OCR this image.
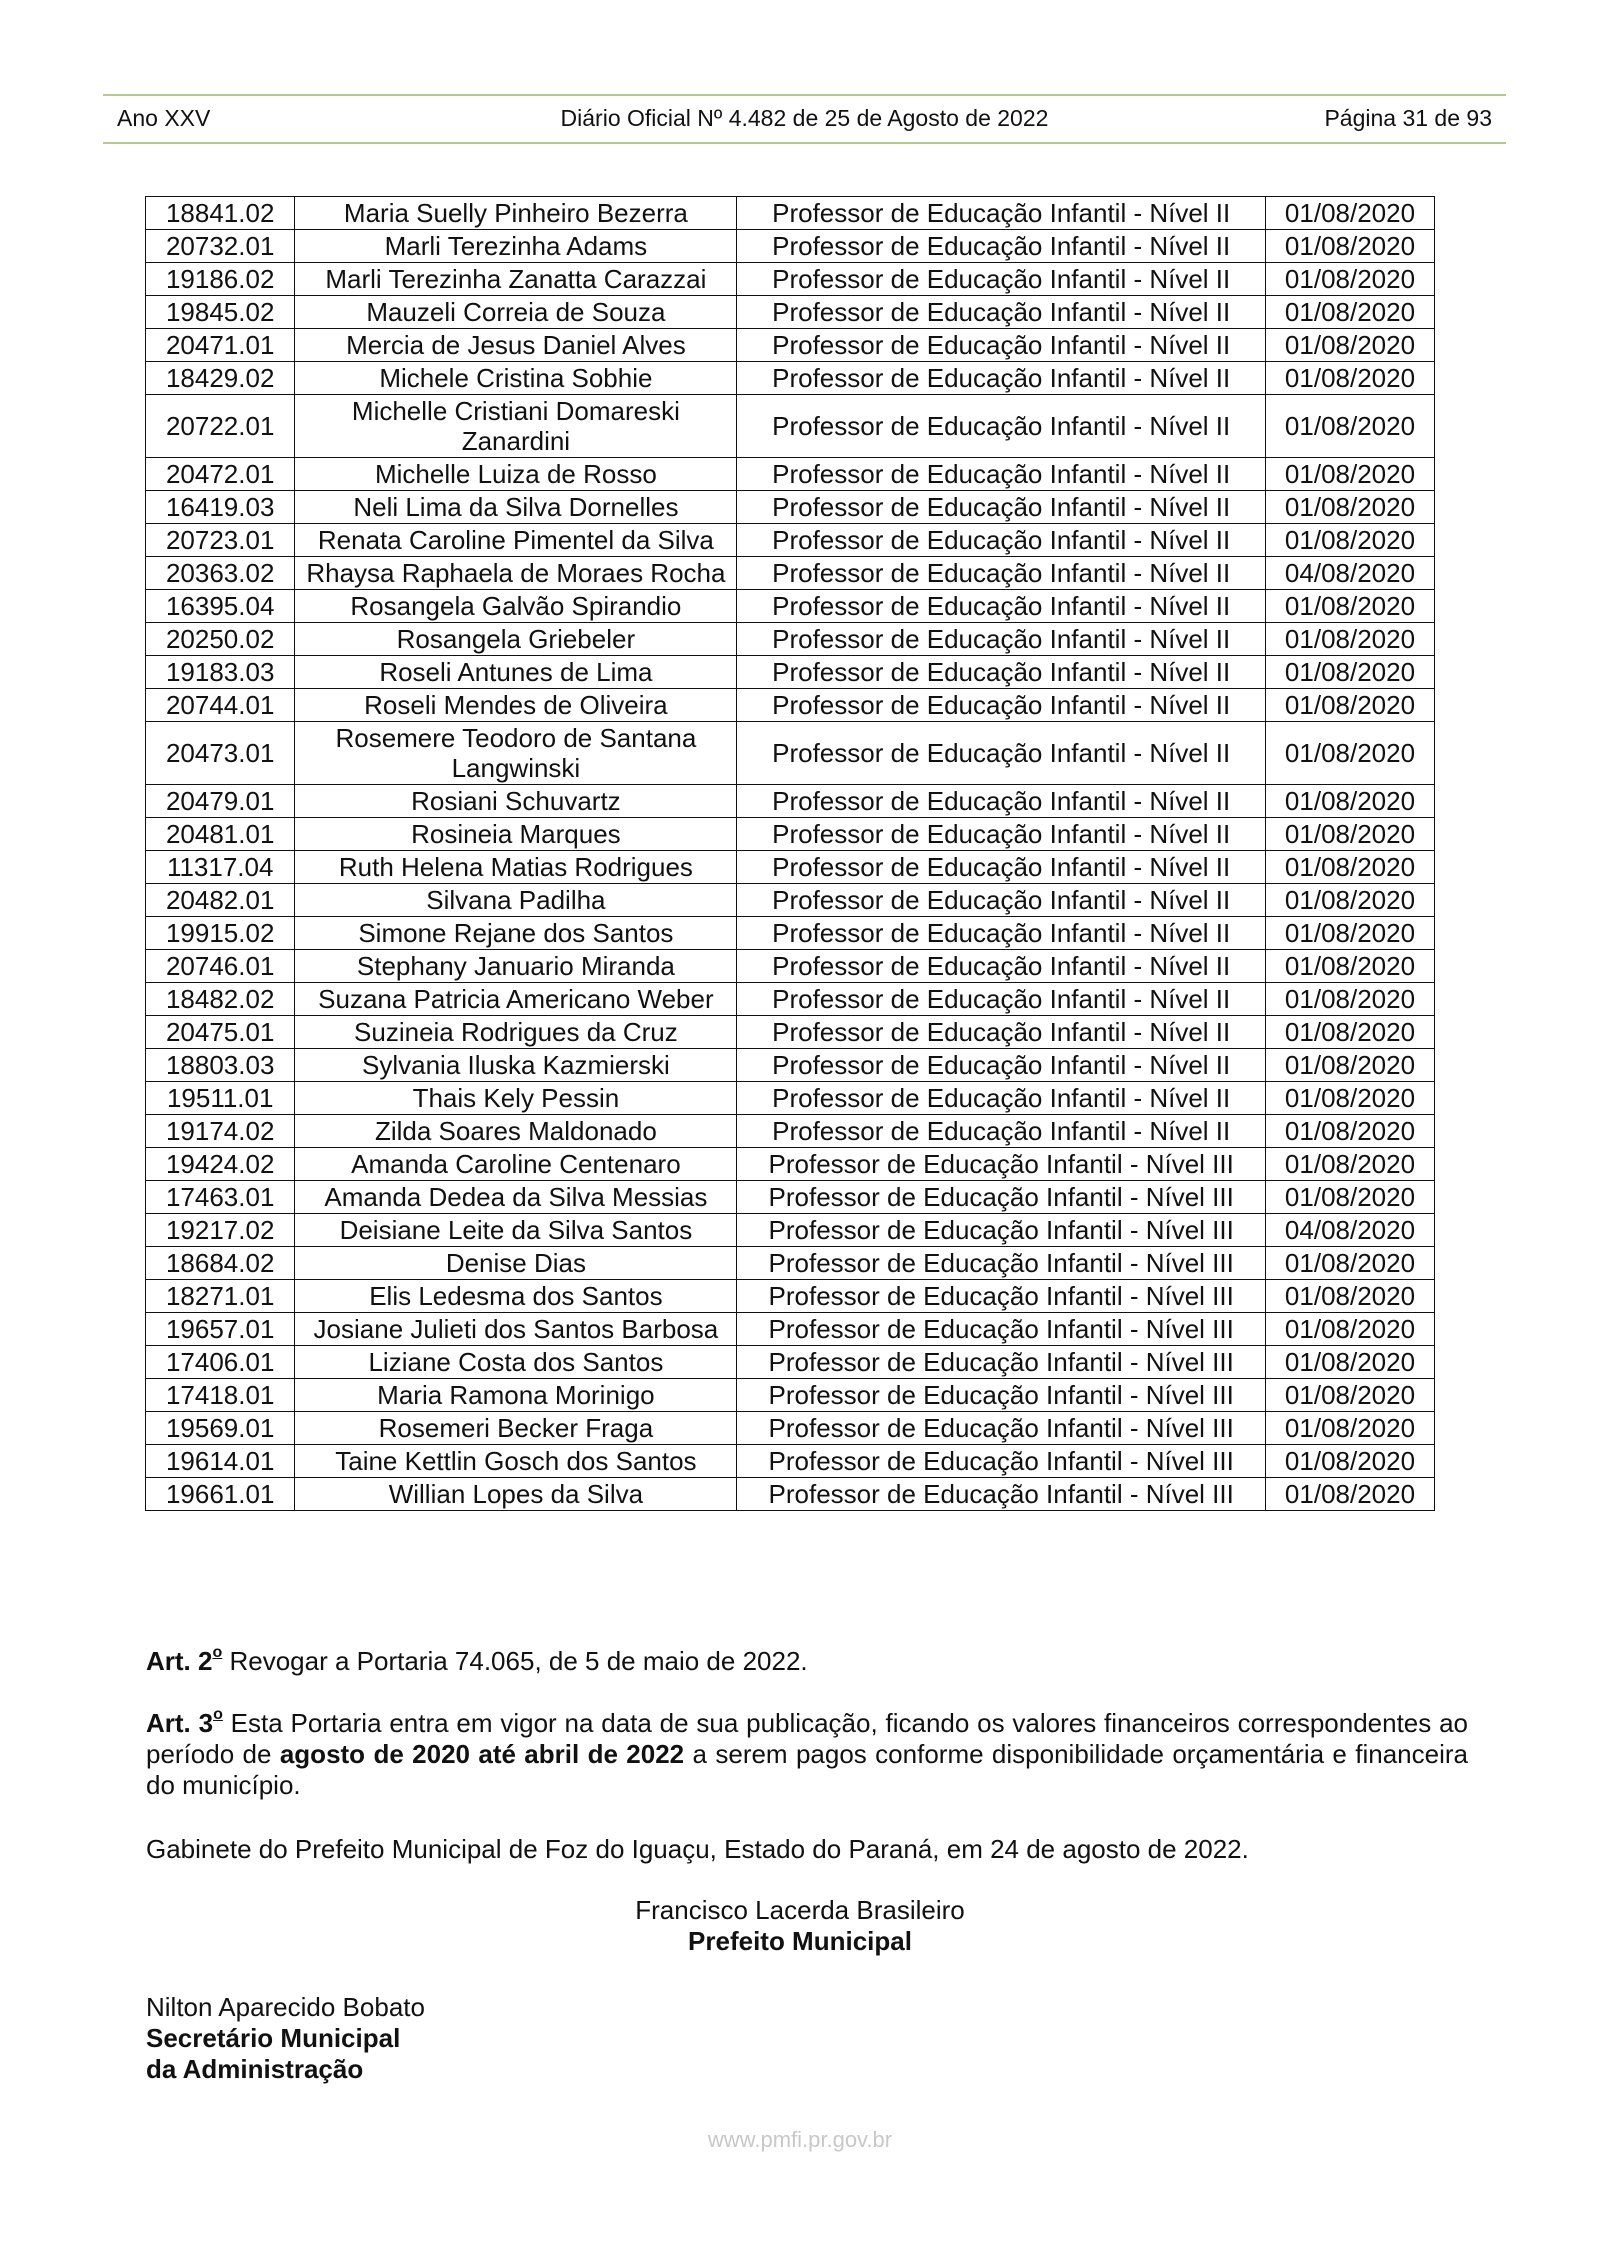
Ano XXV	Diário Oficial Nº 4.482 de 25 de Agosto de 2022	Página 31 de 93
18841.02	Maria Suelly Pinheiro Bezerra	Professor de Educação Infantil - Nível II	01/08/2020
20732.01	Marli Terezinha Adams	Professor de Educação Infantil - Nível II	01/08/2020
19186.02	Marli Terezinha Zanatta Carazzai	Professor de Educação Infantil - Nível II	01/08/2020
19845.02	Mauzeli Correia de Souza	Professor de Educação Infantil - Nível II	01/08/2020
20471.01	Mercia de Jesus Daniel Alves	Professor de Educação Infantil - Nível II	01/08/2020
18429.02	Michele Cristina Sobhie	Professor de Educação Infantil - Nível II	01/08/2020
20722.01	Michelle Cristiani Domareski Zanardini	Professor de Educação Infantil - Nível II	01/08/2020
20472.01	Michelle Luiza de Rosso	Professor de Educação Infantil - Nível II	01/08/2020
16419.03	Neli Lima da Silva Dornelles	Professor de Educação Infantil - Nível II	01/08/2020
20723.01	Renata Caroline Pimentel da Silva	Professor de Educação Infantil - Nível II	01/08/2020
20363.02	Rhaysa Raphaela de Moraes Rocha	Professor de Educação Infantil - Nível II	04/08/2020
16395.04	Rosangela Galvão Spirandio	Professor de Educação Infantil - Nível II	01/08/2020
20250.02	Rosangela Griebeler	Professor de Educação Infantil - Nível II	01/08/2020
19183.03	Roseli Antunes de Lima	Professor de Educação Infantil - Nível II	01/08/2020
20744.01	Roseli Mendes de Oliveira	Professor de Educação Infantil - Nível II	01/08/2020
20473.01	Rosemere Teodoro de Santana Langwinski	Professor de Educação Infantil - Nível II	01/08/2020
20479.01	Rosiani Schuvartz	Professor de Educação Infantil - Nível II	01/08/2020
20481.01	Rosineia Marques	Professor de Educação Infantil - Nível II	01/08/2020
11317.04	Ruth Helena Matias Rodrigues	Professor de Educação Infantil - Nível II	01/08/2020
20482.01	Silvana Padilha	Professor de Educação Infantil - Nível II	01/08/2020
19915.02	Simone Rejane dos Santos	Professor de Educação Infantil - Nível II	01/08/2020
20746.01	Stephany Januario Miranda	Professor de Educação Infantil - Nível II	01/08/2020
18482.02	Suzana Patricia Americano Weber	Professor de Educação Infantil - Nível II	01/08/2020
20475.01	Suzineia Rodrigues da Cruz	Professor de Educação Infantil - Nível II	01/08/2020
18803.03	Sylvania Iluska Kazmierski	Professor de Educação Infantil - Nível II	01/08/2020
19511.01	Thais Kely Pessin	Professor de Educação Infantil - Nível II	01/08/2020
19174.02	Zilda Soares Maldonado	Professor de Educação Infantil - Nível II	01/08/2020
19424.02	Amanda Caroline Centenaro	Professor de Educação Infantil - Nível III	01/08/2020
17463.01	Amanda Dedea da Silva Messias	Professor de Educação Infantil - Nível III	01/08/2020
19217.02	Deisiane Leite da Silva Santos	Professor de Educação Infantil - Nível III	04/08/2020
18684.02	Denise Dias	Professor de Educação Infantil - Nível III	01/08/2020
18271.01	Elis Ledesma dos Santos	Professor de Educação Infantil - Nível III	01/08/2020
19657.01	Josiane Julieti dos Santos Barbosa	Professor de Educação Infantil - Nível III	01/08/2020
17406.01	Liziane Costa dos Santos	Professor de Educação Infantil - Nível III	01/08/2020
17418.01	Maria Ramona Morinigo	Professor de Educação Infantil - Nível III	01/08/2020
19569.01	Rosemeri Becker Fraga	Professor de Educação Infantil - Nível III	01/08/2020
19614.01	Taine Kettlin Gosch dos Santos	Professor de Educação Infantil - Nível III	01/08/2020
19661.01	Willian Lopes da Silva	Professor de Educação Infantil - Nível III	01/08/2020
Art. 2$^o$ Revogar a Portaria 74.065, de 5 de maio de 2022.
Art. 3$^o$ Esta Portaria entra em vigor na data de sua publicação, ficando os valores financeiros correspondentes ao período de agosto de 2020 até abril de 2022 a serem pagos conforme disponibilidade orçamentária e financeira do município.
Gabinete do Prefeito Municipal de Foz do Iguaçu, Estado do Paraná, em 24 de agosto de 2022.
Francisco Lacerda Brasileiro
Prefeito Municipal
Nilton Aparecido Bobato
Secretário Municipal
da Administração
www.pmfi.pr.gov.br
